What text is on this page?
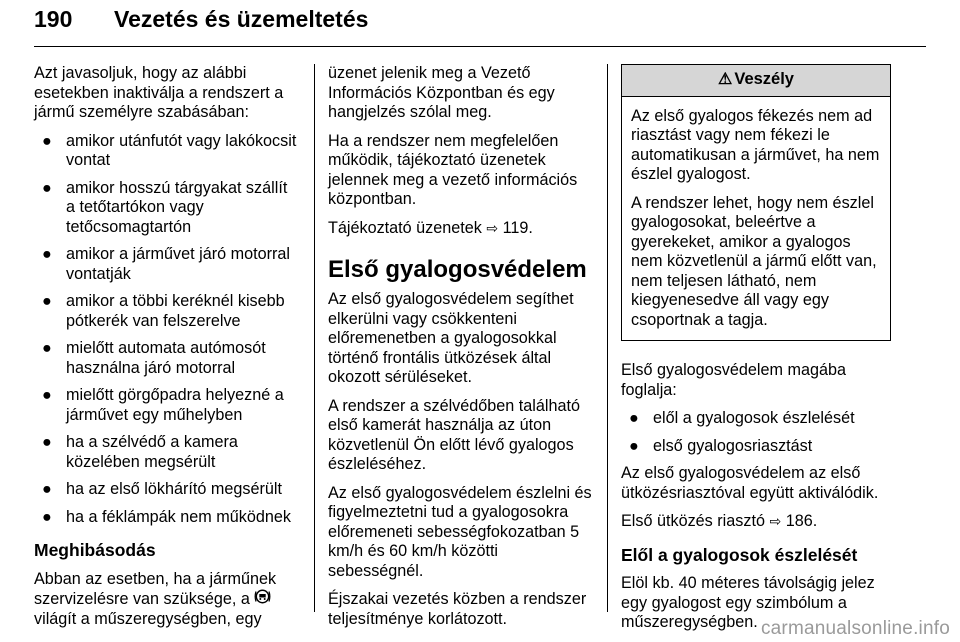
190 Vezetés és üzemeltetés

Azt javasoljuk, hogy az alábbi esetekben inaktiválja a rendszert a jármű személyre szabásában:

● amikor utánfutót vagy lakókocsit vontat
● amikor hosszú tárgyakat szállít a tetőtartókon vagy tetőcsomagtartón
● amikor a járművet járó motorral vontatják
● amikor a többi keréknél kisebb pótkerék van felszerelve
● mielőtt automata autómosót használna járó motorral
● mielőtt görgőpadra helyezné a járművet egy műhelyben
● ha a szélvédő a kamera közelében megsérült
● ha az első lökhárító megsérült
● ha a féklámpák nem működnek
Meghibásodás

Abban az esetben, ha a járműnek szervizelésre van szüksége, a  világít a műszeregységben, egy

üzenet jelenik meg a Vezető Információs Központban és egy hangjelzés szólal meg.

Ha a rendszer nem megfelelően működik, tájékoztató üzenetek jelennek meg a vezető információs központban.

Tájékoztató üzenetek ⇨ 119.

Első gyalogosvédelem

Az első gyalogosvédelem segíthet elkerülni vagy csökkenteni előremenetben a gyalogosokkal történő frontális ütközések által okozott sérüléseket.

A rendszer a szélvédőben található első kamerát használja az úton közvetlenül Ön előtt lévő gyalogos észleléséhez.

Az első gyalogosvédelem észlelni és figyelmeztetni tud a gyalogosokra előremeneti sebességfokozatban 5 km/h és 60 km/h közötti sebességnél.

Éjszakai vezetés közben a rendszer teljesítménye korlátozott.

⚠ Veszély

Az első gyalogos fékezés nem ad riasztást vagy nem fékezi le automatikusan a járművet, ha nem észlel gyalogost.

A rendszer lehet, hogy nem észlel gyalogosokat, beleértve a gyerekeket, amikor a gyalogos nem közvetlenül a jármű előtt van, nem teljesen látható, nem kiegyenesedve áll vagy egy csoportnak a tagja.

Első gyalogosvédelem magába foglalja:

● elől a gyalogosok észlelését
● első gyalogosriasztást

Az első gyalogosvédelem az első ütközésriasztóval együtt aktiválódik.

Első ütközés riasztó ⇨ 186.

Elől a gyalogosok észlelését

Elöl kb. 40 méteres távolságig jelez egy gyalogost egy szimbólum a műszeregységben. carmanualsonline.info
